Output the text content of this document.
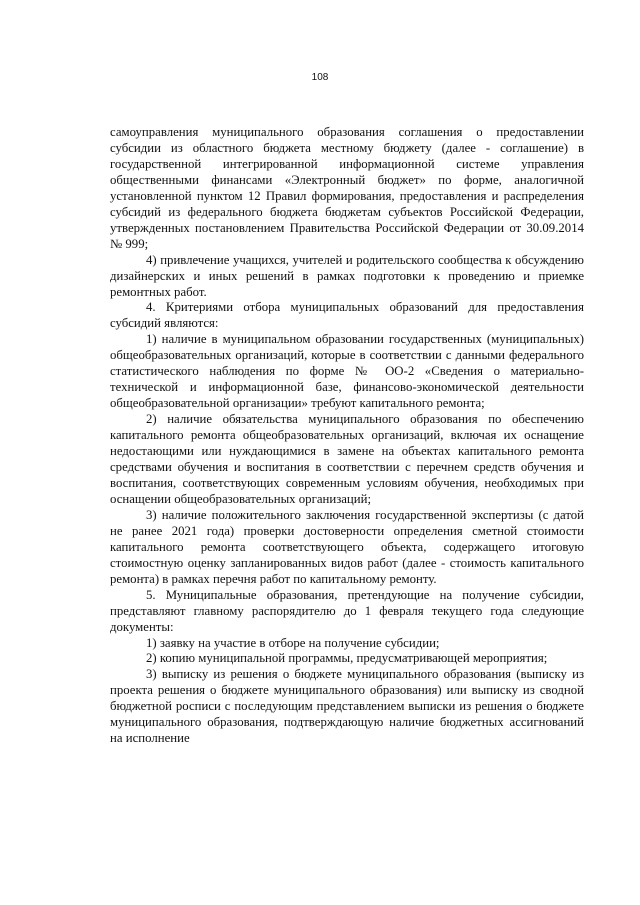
108

самоуправления муниципального образования соглашения о предоставлении субсидии из областного бюджета местному бюджету (далее - соглашение) в государственной интегрированной информационной системе управления общественными финансами «Электронный бюджет» по форме, аналогичной установленной пунктом 12 Правил формирования, предоставления и распределения субсидий из федерального бюджета бюджетам субъектов Российской Федерации, утвержденных постановлением Правительства Российской Федерации от 30.09.2014 № 999;

4) привлечение учащихся, учителей и родительского сообщества к обсуждению дизайнерских и иных решений в рамках подготовки к проведению и приемке ремонтных работ.

4. Критериями отбора муниципальных образований для предоставления субсидий являются:

1) наличие в муниципальном образовании государственных (муниципальных) общеобразовательных организаций, которые в соответствии с данными федерального статистического наблюдения по форме № ОО-2 «Сведения о материально-технической и информационной базе, финансово-экономической деятельности общеобразовательной организации» требуют капитального ремонта;

2) наличие обязательства муниципального образования по обеспечению капитального ремонта общеобразовательных организаций, включая их оснащение недостающими или нуждающимися в замене на объектах капитального ремонта средствами обучения и воспитания в соответствии с перечнем средств обучения и воспитания, соответствующих современным условиям обучения, необходимых при оснащении общеобразовательных организаций;

3) наличие положительного заключения государственной экспертизы (с датой не ранее 2021 года) проверки достоверности определения сметной стоимости капитального ремонта соответствующего объекта, содержащего итоговую стоимостную оценку запланированных видов работ (далее - стоимость капитального ремонта) в рамках перечня работ по капитальному ремонту.

5. Муниципальные образования, претендующие на получение субсидии, представляют главному распорядителю до 1 февраля текущего года следующие документы:

1) заявку на участие в отборе на получение субсидии;

2) копию муниципальной программы, предусматривающей мероприятия;

3) выписку из решения о бюджете муниципального образования (выписку из проекта решения о бюджете муниципального образования) или выписку из сводной бюджетной росписи с последующим представлением выписки из решения о бюджете муниципального образования, подтверждающую наличие бюджетных ассигнований на исполнение
